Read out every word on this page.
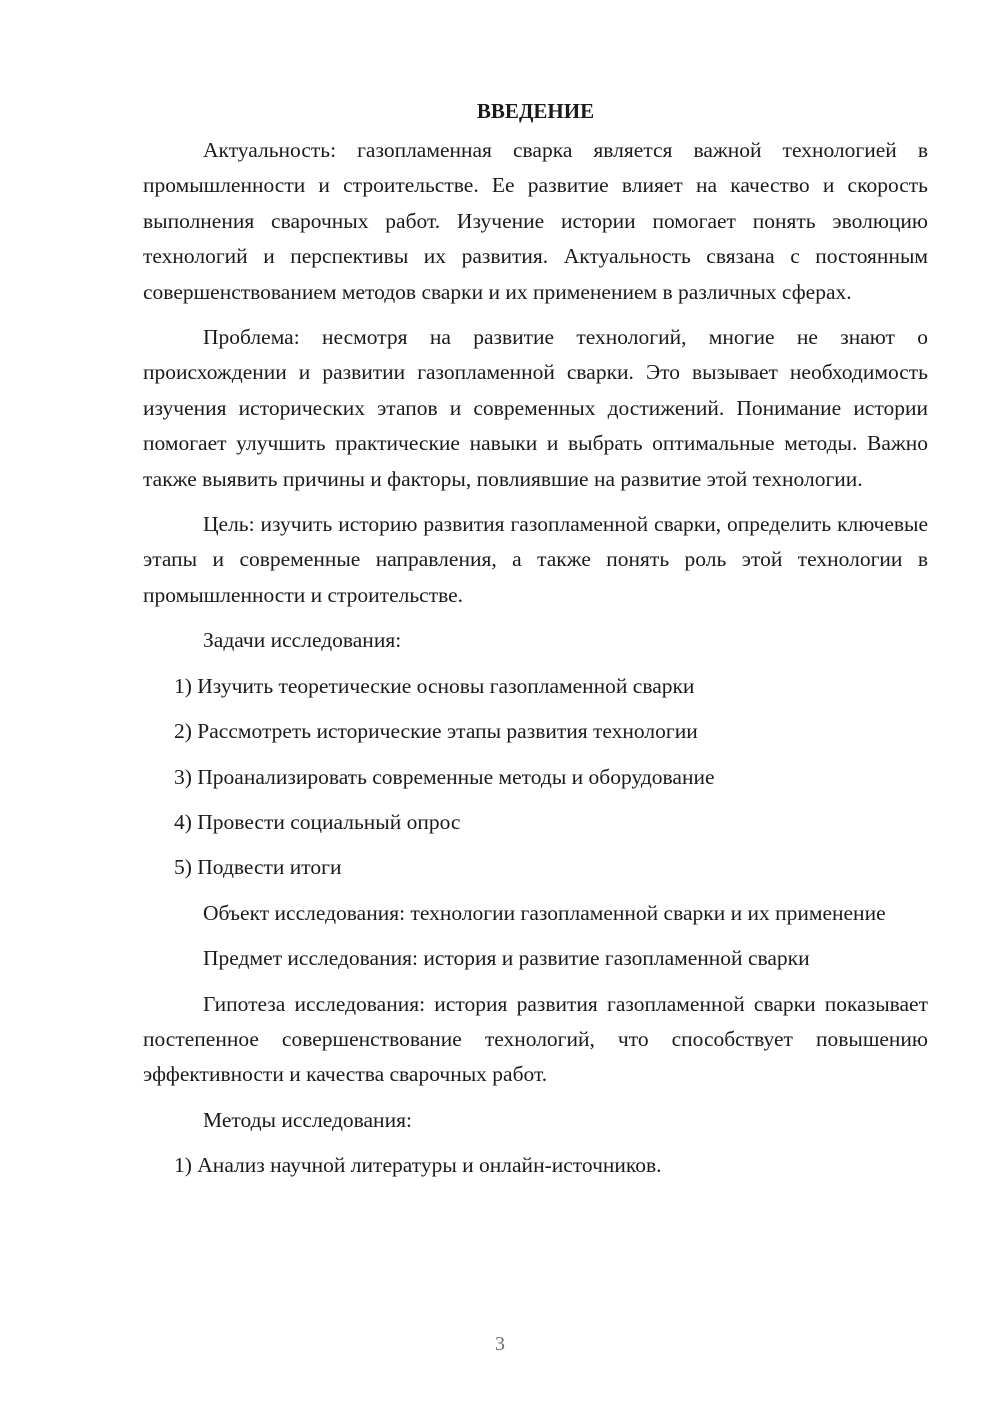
ВВЕДЕНИЕ

Актуальность: газопламенная сварка является важной технологией в промышленности и строительстве. Ее развитие влияет на качество и скорость выполнения сварочных работ. Изучение истории помогает понять эволюцию технологий и перспективы их развития. Актуальность связана с постоянным совершенствованием методов сварки и их применением в различных сферах.

Проблема: несмотря на развитие технологий, многие не знают о происхождении и развитии газопламенной сварки. Это вызывает необходимость изучения исторических этапов и современных достижений. Понимание истории помогает улучшить практические навыки и выбрать оптимальные методы. Важно также выявить причины и факторы, повлиявшие на развитие этой технологии.

Цель: изучить историю развития газопламенной сварки, определить ключевые этапы и современные направления, а также понять роль этой технологии в промышленности и строительстве.

Задачи исследования:

1) Изучить теоретические основы газопламенной сварки

2) Рассмотреть исторические этапы развития технологии

3) Проанализировать современные методы и оборудование

4) Провести социальный опрос

5) Подвести итоги

Объект исследования: технологии газопламенной сварки и их применение

Предмет исследования: история и развитие газопламенной сварки

Гипотеза исследования: история развития газопламенной сварки показывает постепенное совершенствование технологий, что способствует повышению эффективности и качества сварочных работ.

Методы исследования:

1) Анализ научной литературы и онлайн-источников.

3
